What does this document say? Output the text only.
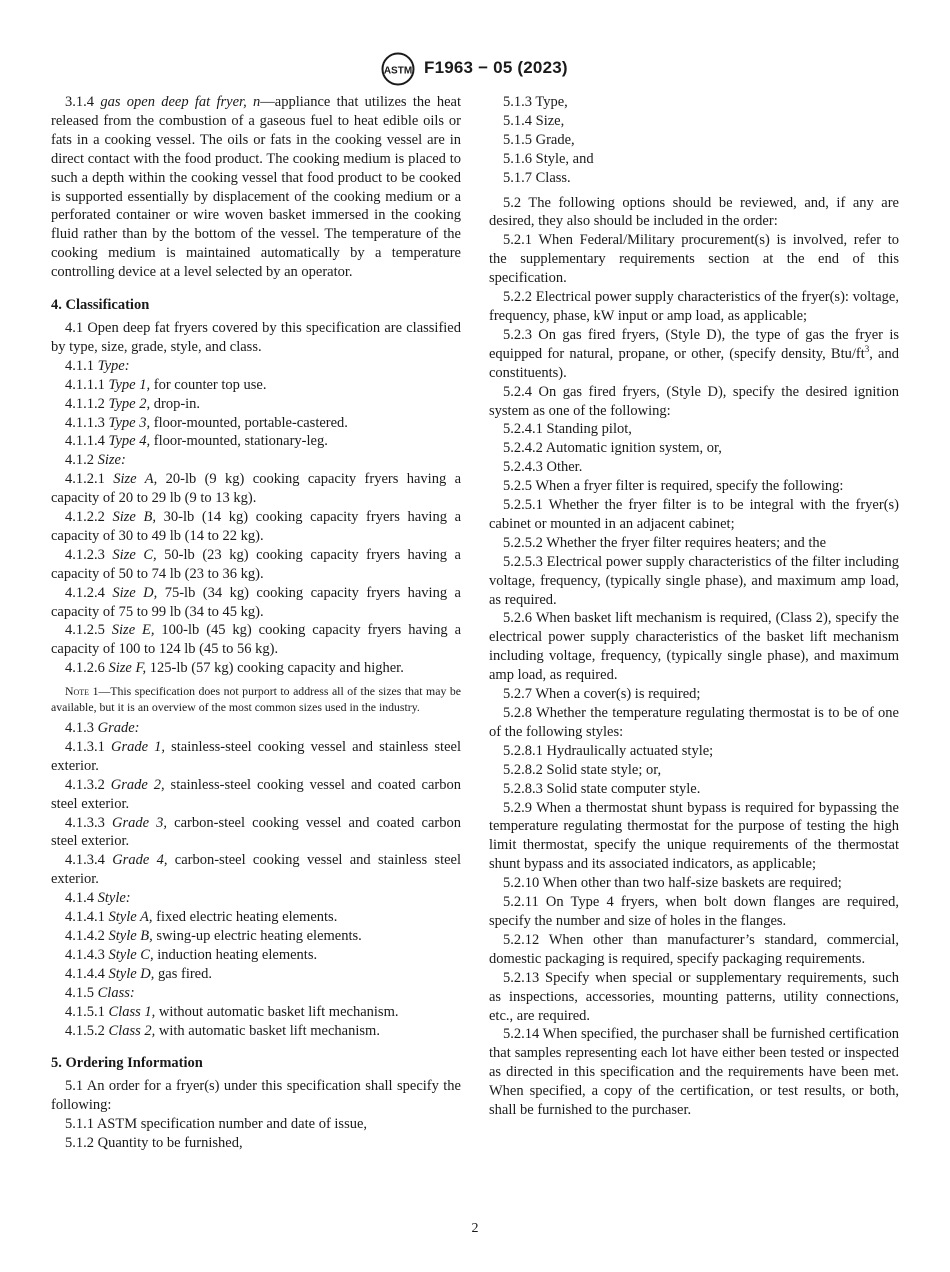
ASTM F1963 − 05 (2023)

3.1.4 gas open deep fat fryer, n—appliance that utilizes the heat released from the combustion of a gaseous fuel to heat edible oils or fats in a cooking vessel. The oils or fats in the cooking vessel are in direct contact with the food product. The cooking medium is placed to such a depth within the cooking vessel that food product to be cooked is supported essentially by displacement of the cooking medium or a perforated container or wire woven basket immersed in the cooking fluid rather than by the bottom of the vessel. The temperature of the cooking medium is maintained automatically by a temperature controlling device at a level selected by an operator.

4. Classification

4.1 Open deep fat fryers covered by this specification are classified by type, size, grade, style, and class.

4.1.1 Type:

4.1.1.1 Type 1, for counter top use.

4.1.1.2 Type 2, drop-in.

4.1.1.3 Type 3, floor-mounted, portable-castered.

4.1.1.4 Type 4, floor-mounted, stationary-leg.

4.1.2 Size:

4.1.2.1 Size A, 20-lb (9 kg) cooking capacity fryers having a capacity of 20 to 29 lb (9 to 13 kg).

4.1.2.2 Size B, 30-lb (14 kg) cooking capacity fryers having a capacity of 30 to 49 lb (14 to 22 kg).

4.1.2.3 Size C, 50-lb (23 kg) cooking capacity fryers having a capacity of 50 to 74 lb (23 to 36 kg).

4.1.2.4 Size D, 75-lb (34 kg) cooking capacity fryers having a capacity of 75 to 99 lb (34 to 45 kg).

4.1.2.5 Size E, 100-lb (45 kg) cooking capacity fryers having a capacity of 100 to 124 lb (45 to 56 kg).

4.1.2.6 Size F, 125-lb (57 kg) cooking capacity and higher.

Note 1—This specification does not purport to address all of the sizes that may be available, but it is an overview of the most common sizes used in the industry.

4.1.3 Grade:

4.1.3.1 Grade 1, stainless-steel cooking vessel and stainless steel exterior.

4.1.3.2 Grade 2, stainless-steel cooking vessel and coated carbon steel exterior.

4.1.3.3 Grade 3, carbon-steel cooking vessel and coated carbon steel exterior.

4.1.3.4 Grade 4, carbon-steel cooking vessel and stainless steel exterior.

4.1.4 Style:

4.1.4.1 Style A, fixed electric heating elements.

4.1.4.2 Style B, swing-up electric heating elements.

4.1.4.3 Style C, induction heating elements.

4.1.4.4 Style D, gas fired.

4.1.5 Class:

4.1.5.1 Class 1, without automatic basket lift mechanism.

4.1.5.2 Class 2, with automatic basket lift mechanism.

5. Ordering Information

5.1 An order for a fryer(s) under this specification shall specify the following:

5.1.1 ASTM specification number and date of issue,

5.1.2 Quantity to be furnished,

5.1.3 Type,

5.1.4 Size,

5.1.5 Grade,

5.1.6 Style, and

5.1.7 Class.

5.2 The following options should be reviewed, and, if any are desired, they also should be included in the order:

5.2.1 When Federal/Military procurement(s) is involved, refer to the supplementary requirements section at the end of this specification.

5.2.2 Electrical power supply characteristics of the fryer(s): voltage, frequency, phase, kW input or amp load, as applicable;

5.2.3 On gas fired fryers, (Style D), the type of gas the fryer is equipped for natural, propane, or other, (specify density, Btu/$ft^3$, and constituents).

5.2.4 On gas fired fryers, (Style D), specify the desired ignition system as one of the following:

5.2.4.1 Standing pilot,

5.2.4.2 Automatic ignition system, or,

5.2.4.3 Other.

5.2.5 When a fryer filter is required, specify the following:

5.2.5.1 Whether the fryer filter is to be integral with the fryer(s) cabinet or mounted in an adjacent cabinet;

5.2.5.2 Whether the fryer filter requires heaters; and the

5.2.5.3 Electrical power supply characteristics of the filter including voltage, frequency, (typically single phase), and maximum amp load, as required.

5.2.6 When basket lift mechanism is required, (Class 2), specify the electrical power supply characteristics of the basket lift mechanism including voltage, frequency, (typically single phase), and maximum amp load, as required.

5.2.7 When a cover(s) is required;

5.2.8 Whether the temperature regulating thermostat is to be of one of the following styles:

5.2.8.1 Hydraulically actuated style;

5.2.8.2 Solid state style; or,

5.2.8.3 Solid state computer style.

5.2.9 When a thermostat shunt bypass is required for bypassing the temperature regulating thermostat for the purpose of testing the high limit thermostat, specify the unique requirements of the thermostat shunt bypass and its associated indicators, as applicable;

5.2.10 When other than two half-size baskets are required;

5.2.11 On Type 4 fryers, when bolt down flanges are required, specify the number and size of holes in the flanges.

5.2.12 When other than manufacturer’s standard, commercial, domestic packaging is required, specify packaging requirements.

5.2.13 Specify when special or supplementary requirements, such as inspections, accessories, mounting patterns, utility connections, etc., are required.

5.2.14 When specified, the purchaser shall be furnished certification that samples representing each lot have either been tested or inspected as directed in this specification and the requirements have been met. When specified, a copy of the certification, or test results, or both, shall be furnished to the purchaser.

2
